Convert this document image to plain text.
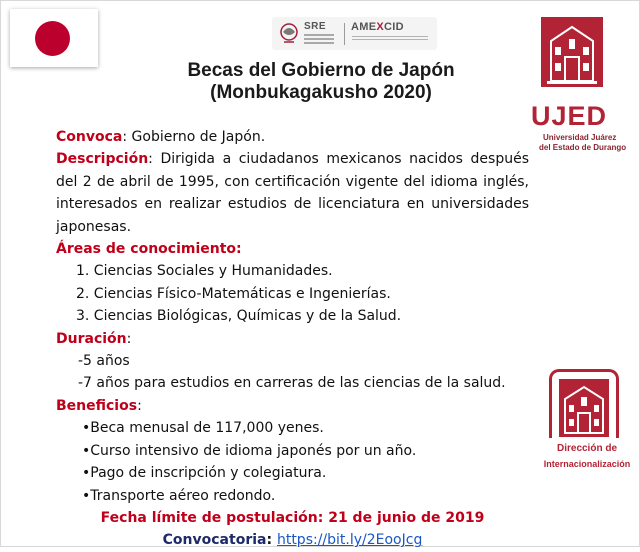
SRE AMEXCID
Becas del Gobierno de Japón
(Monbukagakusho 2020)
UJED
Universidad Juárez
del Estado de Durango
Dirección de
Internacionalización

Convoca: Gobierno de Japón.

Descripción: Dirigida a ciudadanos mexicanos nacidos después del 2 de abril de 1995, con certificación vigente del idioma inglés, interesados en realizar estudios de licenciatura en universidades japonesas.

Áreas de conocimiento:

1. Ciencias Sociales y Humanidades.

2. Ciencias Físico-Matemáticas e Ingenierías.

3. Ciencias Biológicas, Químicas y de la Salud.

Duración:

-5 años

-7 años para estudios en carreras de las ciencias de la salud.

Beneficios:

•Beca menusal de 117,000 yenes.

•Curso intensivo de idioma japonés por un año.

•Pago de inscripción y colegiatura.

•Transporte aéreo redondo.

Fecha límite de postulación: 21 de junio de 2019

Convocatoria: https://bit.ly/2EooJcg
